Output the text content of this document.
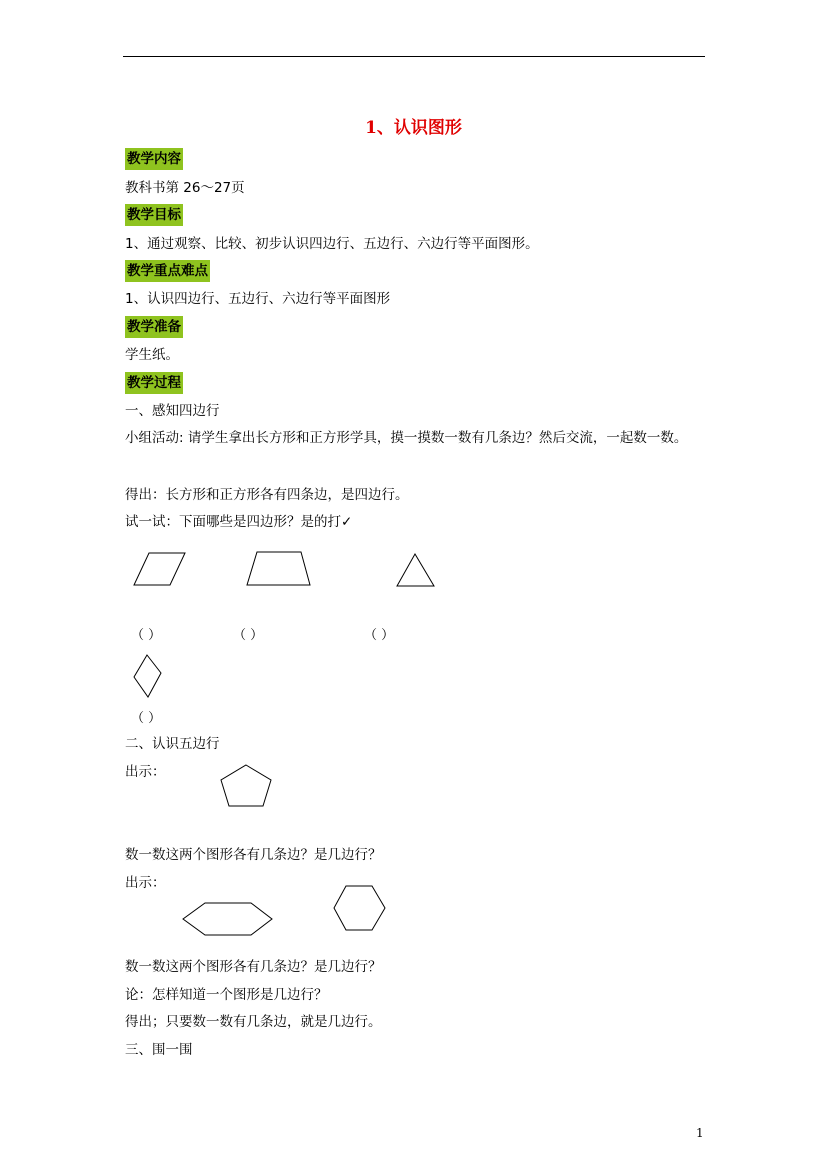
1、认识图形
教学内容
教科书第 26～27页
教学目标
1、通过观察、比较、初步认识四边行、五边行、六边行等平面图形。
教学重点难点
1、认识四边行、五边行、六边行等平面图形
教学准备
学生纸。
教学过程
一、感知四边行
小组活动: 请学生拿出长方形和正方形学具，摸一摸数一数有几条边？然后交流，一起数一数。
得出：长方形和正方形各有四条边，是四边行。
试一试：下面哪些是四边形？是的打✓
（ ）	（ ）	（ ）
（ ）
二、认识五边行
出示：
数一数这两个图形各有几条边？是几边行？
出示：
数一数这两个图形各有几条边？是几边行？
论：怎样知道一个图形是几边行？
得出；只要数一数有几条边，就是几边行。
三、围一围
1
